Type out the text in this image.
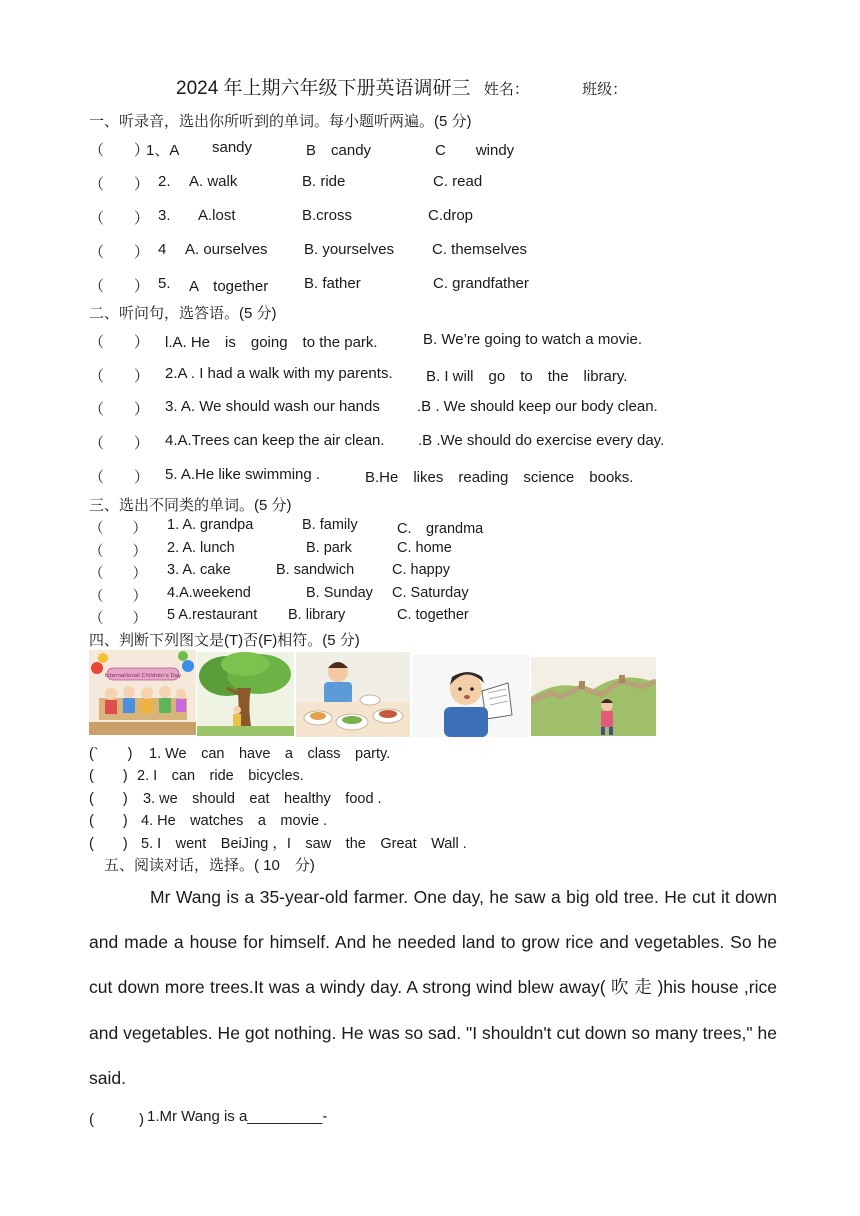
2024 年上期六年级下册英语调研三 姓名：	班级：
一、听录音，选出你所听到的单词。每小题听两遍。(5 分)
（　　）
1、A sandy	B　candy	C　　windy
（　　） 2. A. walk	B. ride	C. read
（　　） 3. A.lost	B.cross	C.drop
（　　） 4 A. ourselves B. yourselves	C. themselves
（　　） 5. A　together B. father	C. grandfather
二、听问句，选答语。(5 分)
（　　） l.A. He　is　going　to the park.	B. We’re going to watch a movie.
（　　） 2.A . I had a walk with my parents. B. I will　go　to　the　library.
（　　） 3. A. We should wash our hands .B . We should keep our body clean.
（　　） 4.A.Trees can keep the air clean. .B .We should do exercise every day.
（　　） 5. A.He like swimming .	B.He　likes　reading　science　books.
三、选出不同类的单词。(5 分)
（　　） 1. A. grandpa	B. family	C.　grandma
（　　） 2. A. lunch	B. park	C. home
（　　） 3. A. cake	B. sandwich	C. happy
（　　） 4.A.weekend	B. Sunday C. Saturday
（　　） 5 A.restaurant B. library	C. together
四、判断下列图文是(T)否(F)相符。(5 分)
International Children's Day
(`　　) 1. We　can　have　a　class　party.
(　　) 2. I　can　ride　bicycles.
(　　) 3. we　should　eat　healthy　food .
(　　) 4. He　watches　a　movie .
(　　) 5. I　went　BeiJing ，I　saw　the　Great　Wall .
五、阅读对话，选择。( 10　分)

Mr Wang is a 35-year-old farmer. One day, he saw a big old tree. He cut it down and made a house for himself. And he needed land to grow rice and vegetables. So he cut down more trees.It was a windy day. A strong wind blew away( 吹 走 )his house ,rice and vegetables. He got nothing. He was so sad. "I shouldn't cut down so many trees," he said.

(　　　) 1.Mr Wang is a_________-
